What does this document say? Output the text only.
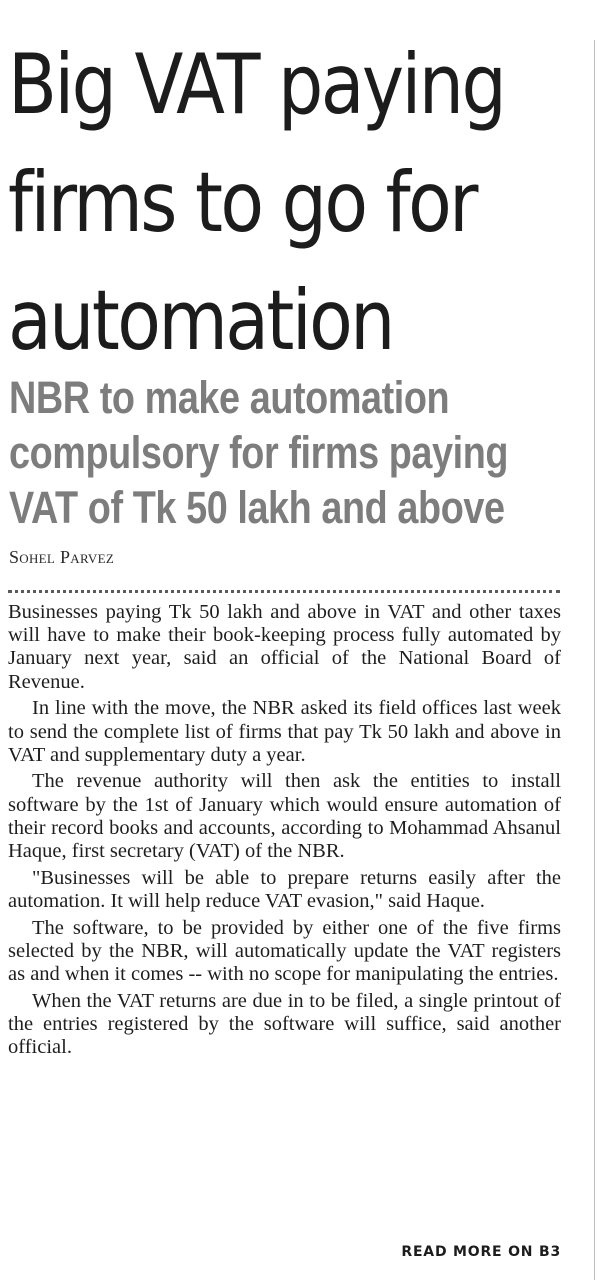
Big VAT paying
firms to go for
automation
NBR to make automation
compulsory for firms paying
VAT of Tk 50 lakh and above

Sohel Parvez

Businesses paying Tk 50 lakh and above in VAT and other taxes will have to make their book-keeping process fully automated by January next year, said an official of the National Board of Revenue.

In line with the move, the NBR asked its field offices last week to send the complete list of firms that pay Tk 50 lakh and above in VAT and supplementary duty a year.

The revenue authority will then ask the entities to install software by the 1st of January which would ensure automation of their record books and accounts, according to Mohammad Ahsanul Haque, first secretary (VAT) of the NBR.

"Businesses will be able to prepare returns easily after the automation. It will help reduce VAT evasion," said Haque.

The software, to be provided by either one of the five firms selected by the NBR, will automatically update the VAT registers as and when it comes -- with no scope for manipulating the entries.

When the VAT returns are due in to be filed, a single printout of the entries registered by the software will suffice, said another official.

READ MORE ON B3
